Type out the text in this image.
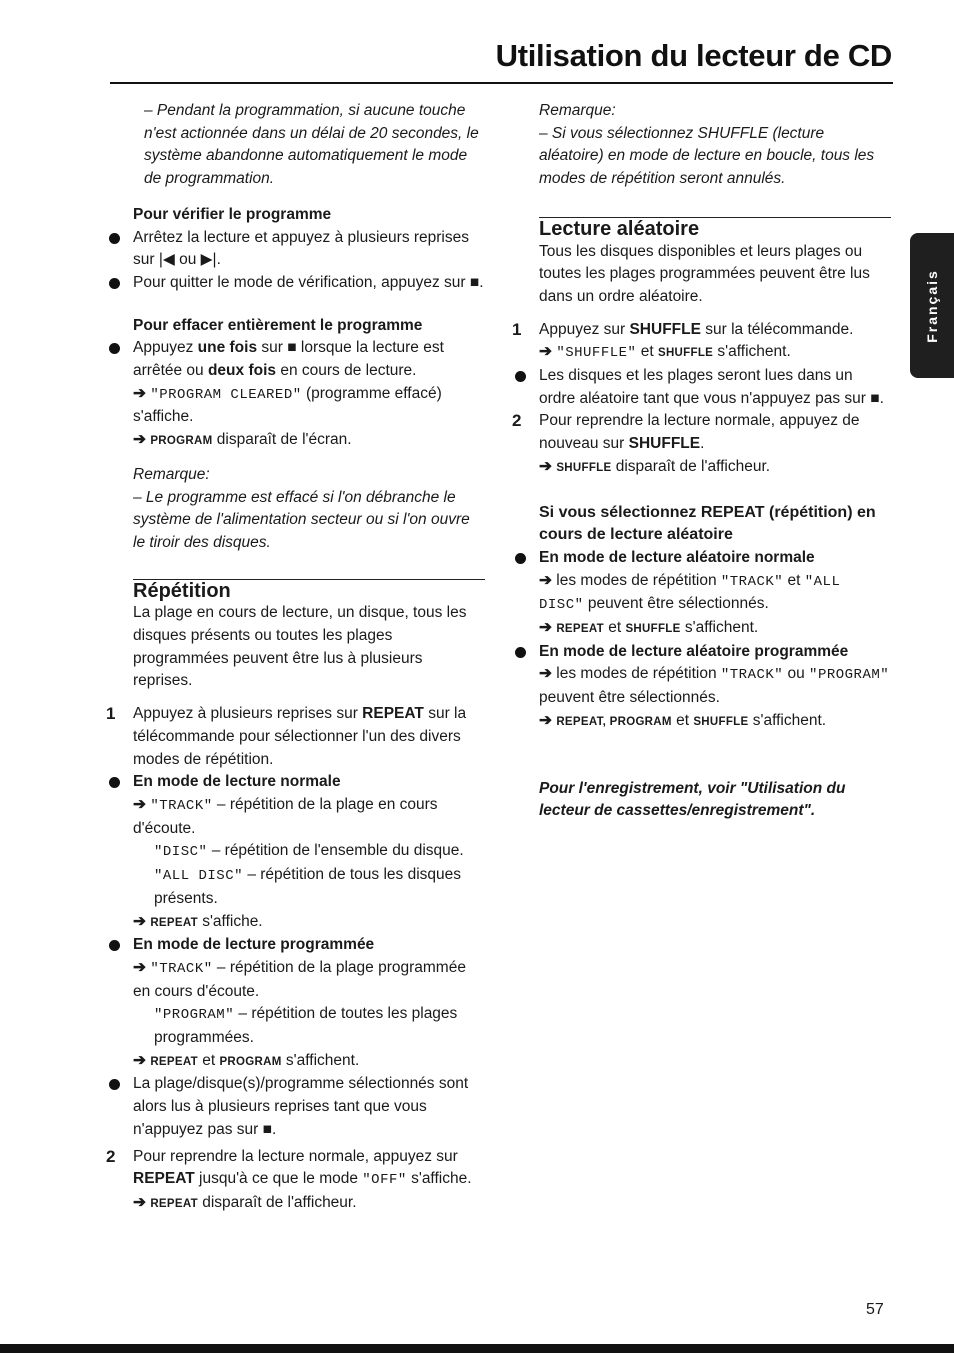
Utilisation du lecteur de CD
Français

– Pendant la programmation, si aucune touche n'est actionnée dans un délai de 20 secondes, le système abandonne automatiquement le mode de programmation.

Pour vérifier le programme

Arrêtez la lecture et appuyez à plusieurs reprises sur |◀ ou ▶|.

Pour quitter le mode de vérification, appuyez sur ■.

Pour effacer entièrement le programme

Appuyez une fois sur ■ lorsque la lecture est arrêtée ou deux fois en cours de lecture.

➔ "PROGRAM CLEARED" (programme effacé) s'affiche.

➔ PROGRAM disparaît de l'écran.

Remarque:

– Le programme est effacé si l'on débranche le système de l'alimentation secteur ou si l'on ouvre le tiroir des disques.

Répétition

La plage en cours de lecture, un disque, tous les disques présents ou toutes les plages programmées peuvent être lus à plusieurs reprises.

1 Appuyez à plusieurs reprises sur REPEAT sur la télécommande pour sélectionner l'un des divers modes de répétition.

En mode de lecture normale

➔ "TRACK" – répétition de la plage en cours d'écoute.

"DISC" – répétition de l'ensemble du disque.

"ALL DISC" – répétition de tous les disques présents.

➔ REPEAT s'affiche.

En mode de lecture programmée

➔ "TRACK" – répétition de la plage programmée en cours d'écoute.

"PROGRAM" – répétition de toutes les plages programmées.

➔ REPEAT et PROGRAM s'affichent.

La plage/disque(s)/programme sélectionnés sont alors lus à plusieurs reprises tant que vous n'appuyez pas sur ■.

2 Pour reprendre la lecture normale, appuyez sur REPEAT jusqu'à ce que le mode "OFF" s'affiche.

➔ REPEAT disparaît de l'afficheur.

Remarque:

– Si vous sélectionnez SHUFFLE (lecture aléatoire) en mode de lecture en boucle, tous les modes de répétition seront annulés.

Lecture aléatoire

Tous les disques disponibles et leurs plages ou toutes les plages programmées peuvent être lus dans un ordre aléatoire.

1 Appuyez sur SHUFFLE sur la télécommande.

➔ "SHUFFLE" et SHUFFLE s'affichent.

Les disques et les plages seront lues dans un ordre aléatoire tant que vous n'appuyez pas sur ■.

2 Pour reprendre la lecture normale, appuyez de nouveau sur SHUFFLE.

➔ SHUFFLE disparaît de l'afficheur.

Si vous sélectionnez REPEAT (répétition) en cours de lecture aléatoire

En mode de lecture aléatoire normale

➔ les modes de répétition "TRACK" et "ALL DISC" peuvent être sélectionnés.

➔ REPEAT et SHUFFLE s'affichent.

En mode de lecture aléatoire programmée

➔ les modes de répétition "TRACK" ou "PROGRAM" peuvent être sélectionnés.

➔ REPEAT, PROGRAM et SHUFFLE s'affichent.

Pour l'enregistrement, voir "Utilisation du lecteur de cassettes/enregistrement".

57
